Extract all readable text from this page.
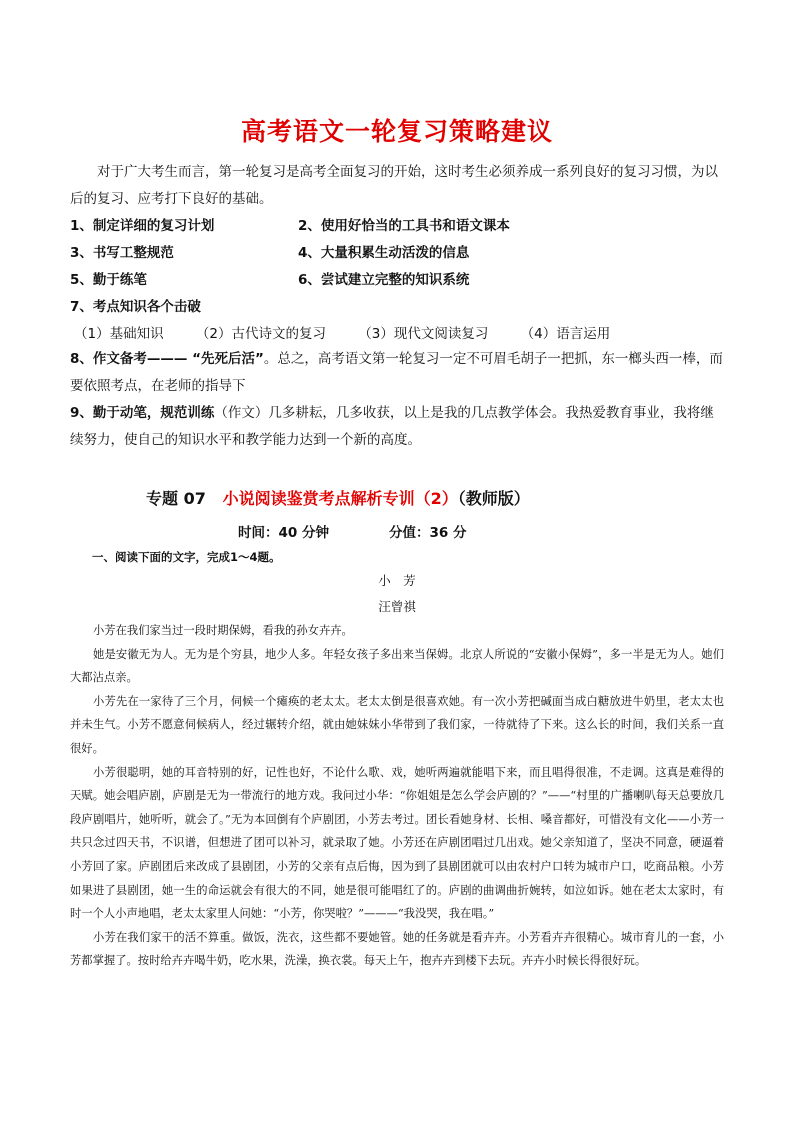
高考语文一轮复习策略建议
对于广大考生而言，第一轮复习是高考全面复习的开始，这时考生必须养成一系列良好的复习习惯，为以后的复习、应考打下良好的基础。
1、制定详细的复习计划	2、使用好恰当的工具书和语文课本
3、书写工整规范	4、大量积累生动活泼的信息
5、勤于练笔	6、尝试建立完整的知识系统
7、考点知识各个击破
（1）基础知识 （2）古代诗文的复习 （3）现代文阅读复习 （4）语言运用
8、作文备考——— “先死后活”。总之，高考语文第一轮复习一定不可眉毛胡子一把抓，东一榔头西一棒，而要依照考点，在老师的指导下
9、勤于动笔，规范训练（作文）几多耕耘，几多收获，以上是我的几点教学体会。我热爱教育事业，我将继续努力，使自己的知识水平和教学能力达到一个新的高度。
专题 07 小说阅读鉴赏考点解析专训（2）（教师版）
时间：40 分钟	分值：36 分
一、阅读下面的文字，完成1～4题。
小　芳
汪曾祺

小芳在我们家当过一段时期保姆，看我的孙女卉卉。

她是安徽无为人。无为是个穷县，地少人多。年轻女孩子多出来当保姆。北京人所说的“安徽小保姆”，多一半是无为人。她们大都沾点亲。

小芳先在一家待了三个月，伺候一个瘫痪的老太太。老太太倒是很喜欢她。有一次小芳把碱面当成白糖放进牛奶里，老太太也并未生气。小芳不愿意伺候病人，经过辗转介绍，就由她妹妹小华带到了我们家，一待就待了下来。这么长的时间，我们关系一直很好。

小芳很聪明，她的耳音特别的好，记性也好，不论什么歌、戏，她听两遍就能唱下来，而且唱得很准，不走调。这真是难得的天赋。她会唱庐剧，庐剧是无为一带流行的地方戏。我问过小华：“你姐姐是怎么学会庐剧的？”——“村里的广播喇叭每天总要放几段庐剧唱片，她听听，就会了。”无为本回倒有个庐剧团，小芳去考过。团长看她身材、长相、嗓音都好，可惜没有文化——小芳一共只念过四天书，不识谱，但想进了团可以补习，就录取了她。小芳还在庐剧团唱过几出戏。她父亲知道了，坚决不同意，硬逼着小芳回了家。庐剧团后来改成了县剧团，小芳的父亲有点后悔，因为到了县剧团就可以由农村户口转为城市户口，吃商品粮。小芳如果进了县剧团，她一生的命运就会有很大的不同，她是很可能唱红了的。庐剧的曲调曲折婉转，如泣如诉。她在老太太家时，有时一个人小声地唱，老太太家里人问她：“小芳，你哭啦？”———“我没哭，我在唱。”

小芳在我们家干的活不算重。做饭，洗衣，这些都不要她管。她的任务就是看卉卉。小芳看卉卉很精心。城市育儿的一套，小芳都掌握了。按时给卉卉喝牛奶，吃水果，洗澡，换衣裳。每天上午，抱卉卉到楼下去玩。卉卉小时候长得很好玩。
